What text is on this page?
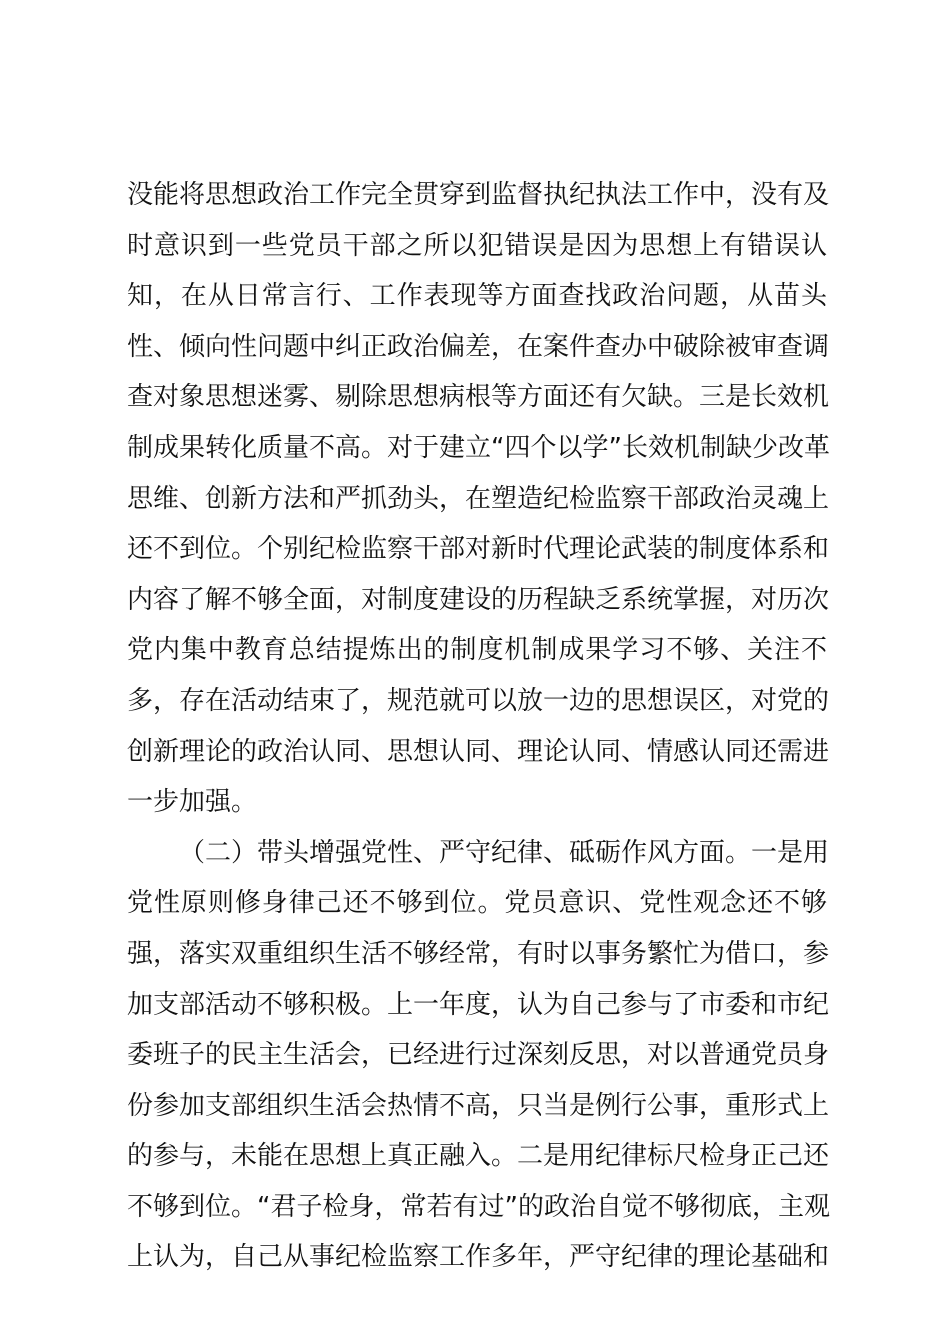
没能将思想政治工作完全贯穿到监督执纪执法工作中，没有及
时意识到一些党员干部之所以犯错误是因为思想上有错误认
知，在从日常言行、工作表现等方面查找政治问题，从苗头
性、倾向性问题中纠正政治偏差，在案件查办中破除被审查调
查对象思想迷雾、剔除思想病根等方面还有欠缺。三是长效机
制成果转化质量不高。对于建立“四个以学”长效机制缺少改革
思维、创新方法和严抓劲头，在塑造纪检监察干部政治灵魂上
还不到位。个别纪检监察干部对新时代理论武装的制度体系和
内容了解不够全面，对制度建设的历程缺乏系统掌握，对历次
党内集中教育总结提炼出的制度机制成果学习不够、关注不
多，存在活动结束了，规范就可以放一边的思想误区，对党的
创新理论的政治认同、思想认同、理论认同、情感认同还需进
一步加强。
（二）带头增强党性、严守纪律、砥砺作风方面。一是用
党性原则修身律己还不够到位。党员意识、党性观念还不够
强，落实双重组织生活不够经常，有时以事务繁忙为借口，参
加支部活动不够积极。上一年度，认为自己参与了市委和市纪
委班子的民主生活会，已经进行过深刻反思，对以普通党员身
份参加支部组织生活会热情不高，只当是例行公事，重形式上
的参与，未能在思想上真正融入。二是用纪律标尺检身正己还
不够到位。“君子检身，常若有过”的政治自觉不够彻底，主观
上认为，自己从事纪检监察工作多年，严守纪律的理论基础和
